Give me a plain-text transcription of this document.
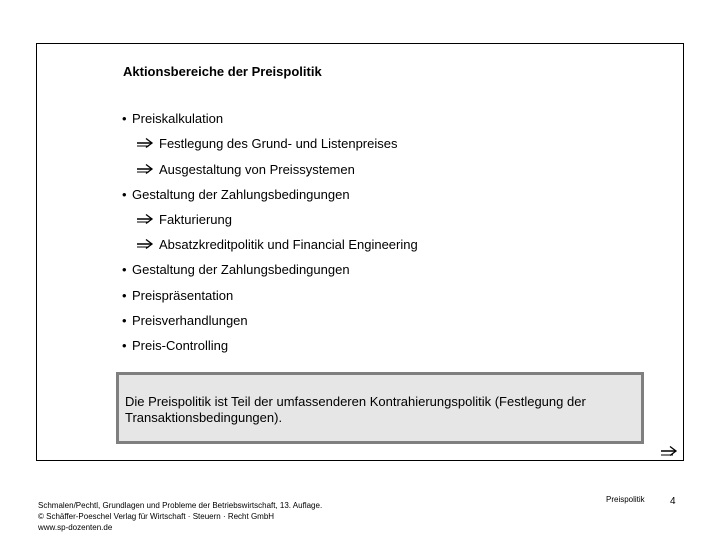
Aktionsbereiche der Preispolitik
• Preiskalkulation
Festlegung des Grund- und Listenpreises
Ausgestaltung von Preissystemen
• Gestaltung der Zahlungsbedingungen
Fakturierung
Absatzkreditpolitik und Financial Engineering
• Gestaltung der Zahlungsbedingungen
• Preispräsentation
• Preisverhandlungen
• Preis-Controlling
Die Preispolitik ist Teil der umfassenderen Kontrahierungspolitik (Festlegung der Transaktionsbedingungen).
Schmalen/Pechtl, Grundlagen und Probleme der Betriebswirtschaft, 13. Auflage.
© Schäffer-Poeschel Verlag für Wirtschaft · Steuern · Recht GmbH
www.sp-dozenten.de
Preispolitik	4
